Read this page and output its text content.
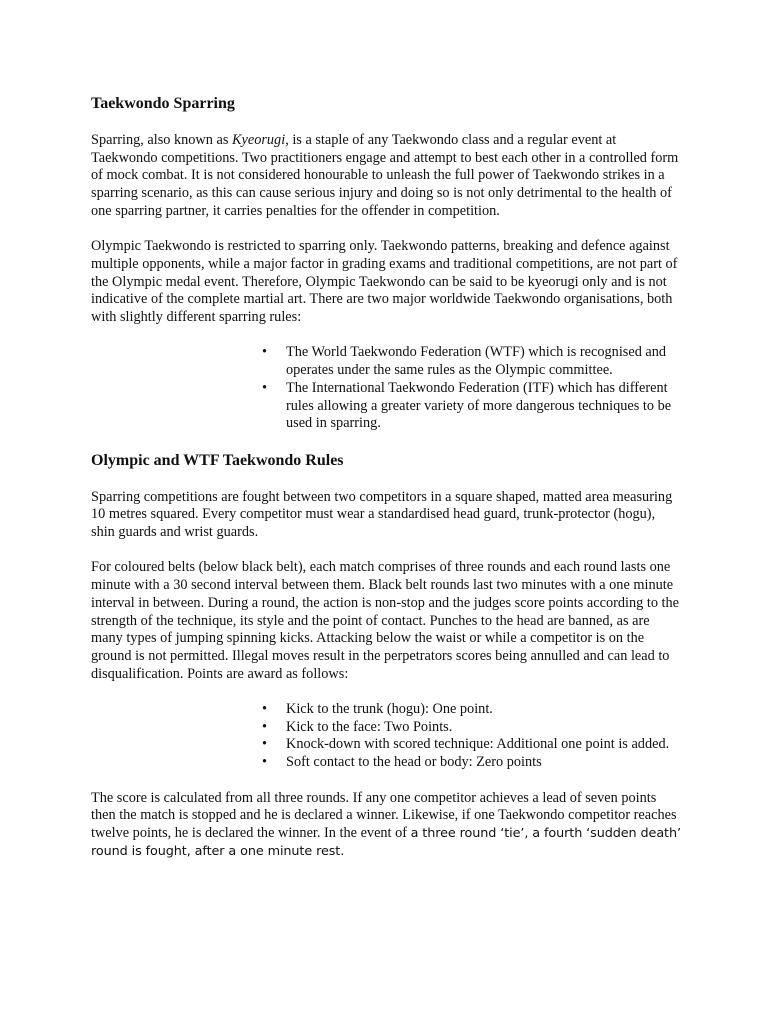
Taekwondo Sparring

Sparring, also known as Kyeorugi, is a staple of any Taekwondo class and a regular event at Taekwondo competitions. Two practitioners engage and attempt to best each other in a controlled form of mock combat. It is not considered honourable to unleash the full power of Taekwondo strikes in a sparring scenario, as this can cause serious injury and doing so is not only detrimental to the health of one sparring partner, it carries penalties for the offender in competition.

Olympic Taekwondo is restricted to sparring only. Taekwondo patterns, breaking and defence against multiple opponents, while a major factor in grading exams and traditional competitions, are not part of the Olympic medal event. Therefore, Olympic Taekwondo can be said to be kyeorugi only and is not indicative of the complete martial art. There are two major worldwide Taekwondo organisations, both with slightly different sparring rules:

• The World Taekwondo Federation (WTF) which is recognised and operates under the same rules as the Olympic committee.
• The International Taekwondo Federation (ITF) which has different rules allowing a greater variety of more dangerous techniques to be used in sparring.
Olympic and WTF Taekwondo Rules

Sparring competitions are fought between two competitors in a square shaped, matted area measuring 10 metres squared. Every competitor must wear a standardised head guard, trunk-protector (hogu), shin guards and wrist guards.

For coloured belts (below black belt), each match comprises of three rounds and each round lasts one minute with a 30 second interval between them. Black belt rounds last two minutes with a one minute interval in between. During a round, the action is non-stop and the judges score points according to the strength of the technique, its style and the point of contact. Punches to the head are banned, as are many types of jumping spinning kicks. Attacking below the waist or while a competitor is on the ground is not permitted. Illegal moves result in the perpetrators scores being annulled and can lead to disqualification. Points are award as follows:

• Kick to the trunk (hogu): One point.
• Kick to the face: Two Points.
• Knock-down with scored technique: Additional one point is added.
• Soft contact to the head or body: Zero points

The score is calculated from all three rounds. If any one competitor achieves a lead of seven points then the match is stopped and he is declared a winner. Likewise, if one Taekwondo competitor reaches twelve points, he is declared the winner. In the event of a three round ‘tie’, a fourth ‘sudden death’ round is fought, after a one minute rest.
